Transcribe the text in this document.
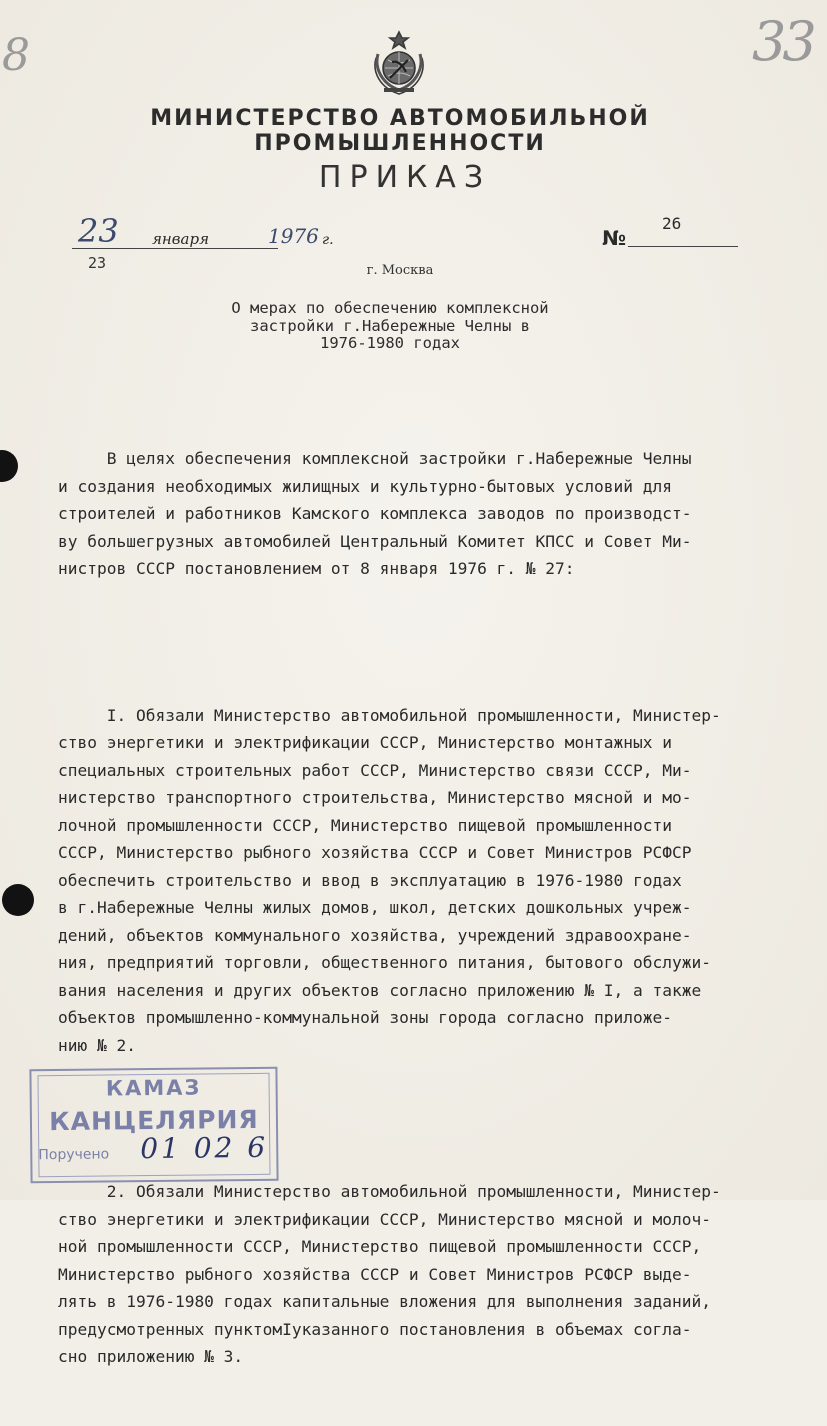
8	33
МИНИСТЕРСТВО АВТОМОБИЛЬНОЙ ПРОМЫШЛЕННОСТИ
ПРИКАЗ
23
23
января	1976 г.	№
26
г. Москва
О мерах по обеспечению комплексной
застройки г.Набережные Челны в
1976-1980 годах

В целях обеспечения комплексной застройки г.Набережные Челны
и создания необходимых жилищных и культурно-бытовых условий для
строителей и работников Камского комплекса заводов по производст-
ву большегрузных автомобилей Центральный Комитет КПСС и Совет Ми-
нистров СССР постановлением от 8 января 1976 г. № 27:

I. Обязали Министерство автомобильной промышленности, Министер-
ство энергетики и электрификации СССР, Министерство монтажных и
специальных строительных работ СССР, Министерство связи СССР, Ми-
нистерство транспортного строительства, Министерство мясной и мо-
лочной промышленности СССР, Министерство пищевой промышленности
СССР, Министерство рыбного хозяйства СССР и Совет Министров РСФСР
обеспечить строительство и ввод в эксплуатацию в 1976-1980 годах
в г.Набережные Челны жилых домов, школ, детских дошкольных учреж-
дений, объектов коммунального хозяйства, учреждений здравоохране-
ния, предприятий торговли, общественного питания, бытового обслужи-
вания населения и других объектов согласно приложению № I, а также
объектов промышленно-коммунальной зоны города согласно приложе-
нию № 2.

2. Обязали Министерство автомобильной промышленности, Министер-
ство энергетики и электрификации СССР, Министерство мясной и молоч-
ной промышленности СССР, Министерство пищевой промышленности СССР,
Министерство рыбного хозяйства СССР и Совет Министров РСФСР выде-
лять в 1976-1980 годах капитальные вложения для выполнения заданий,
предусмотренных пунктомIуказанного постановления в объемах согла-
сно приложению № 3.

КАМАЗ
КАНЦЕЛЯРИЯ
Поручено 01 02 6
